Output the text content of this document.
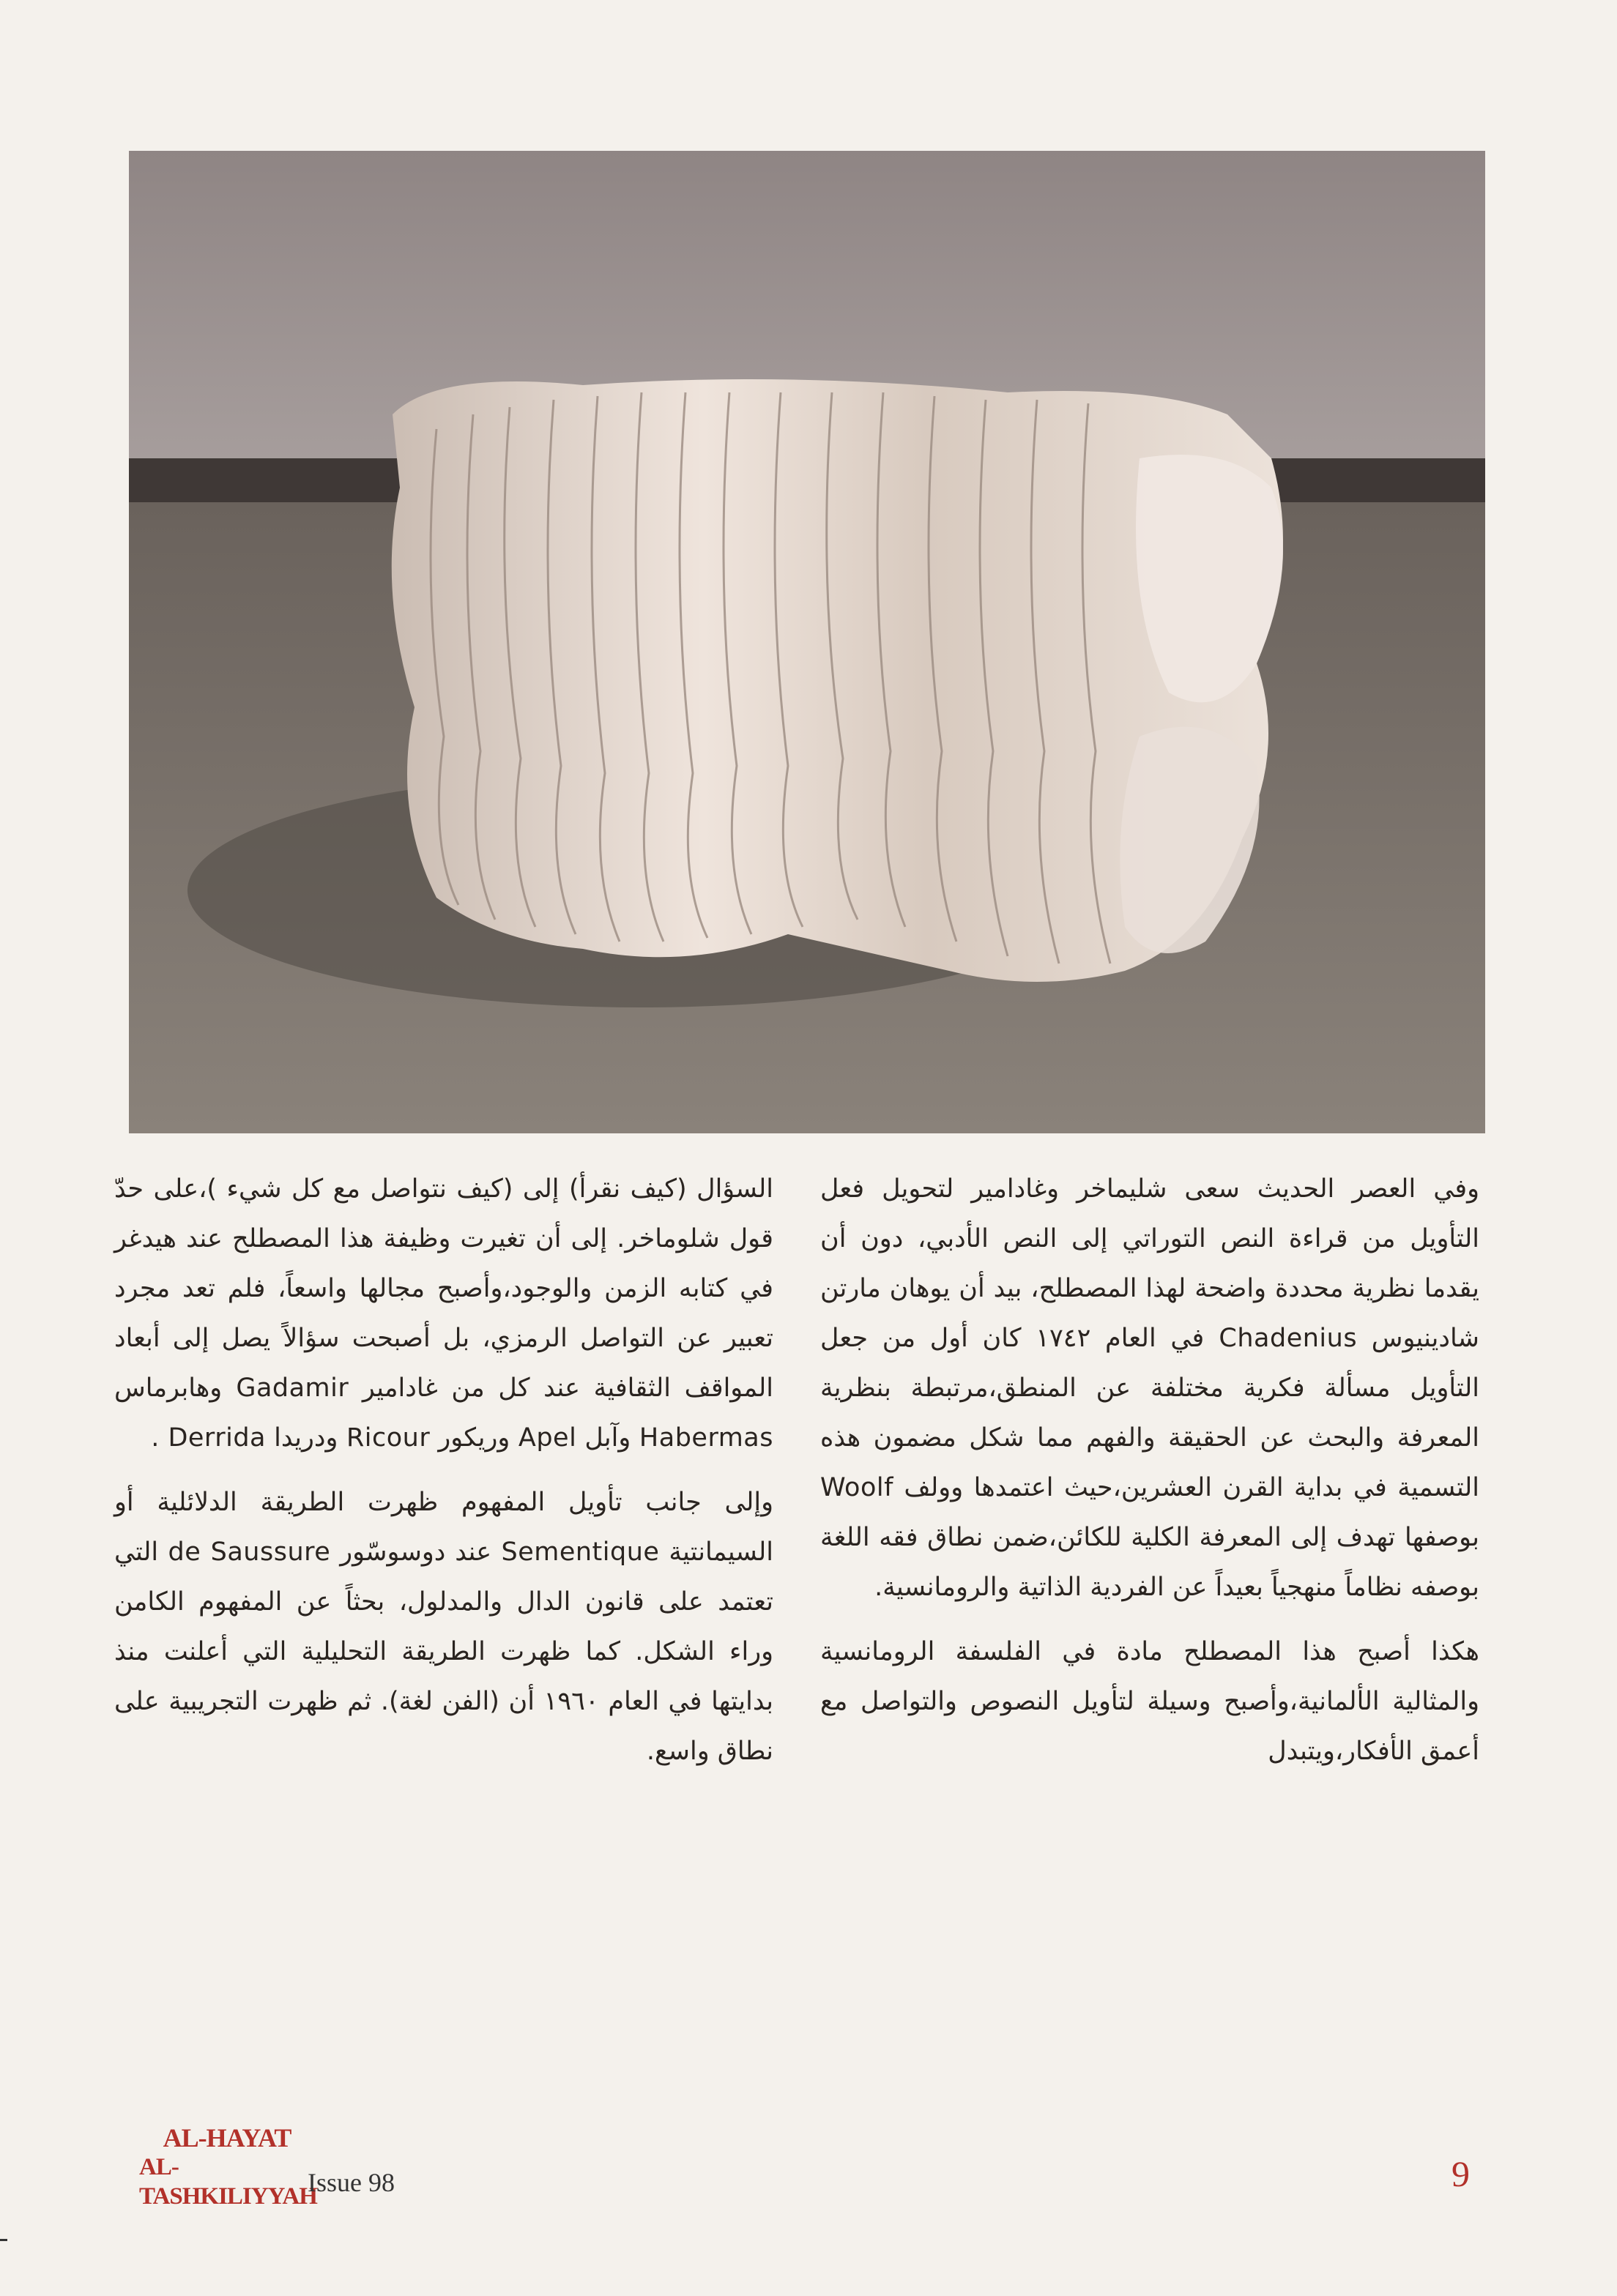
وفي العصر الحديث سعى شليماخر وغادامير لتحويل فعل التأويل من قراءة النص التوراتي إلى النص الأدبي، دون أن يقدما نظرية محددة واضحة لهذا المصطلح، بيد أن يوهان مارتن شادينيوس Chadenius في العام ١٧٤٢ كان أول من جعل التأويل مسألة فكرية مختلفة عن المنطق،مرتبطة بنظرية المعرفة والبحث عن الحقيقة والفهم مما شكل مضمون هذه التسمية في بداية القرن العشرين،حيث اعتمدها وولف Woolf بوصفها تهدف إلى المعرفة الكلية للكائن،ضمن نطاق فقه اللغة بوصفه نظاماً منهجياً بعيداً عن الفردية الذاتية والرومانسية.

هكذا أصبح هذا المصطلح مادة في الفلسفة الرومانسية والمثالية الألمانية،وأصبح وسيلة لتأويل النصوص والتواصل مع أعمق الأفكار،ويتبدل

السؤال (كيف نقرأ) إلى (كيف نتواصل مع كل شيء )،على حدّ قول شلوماخر. إلى أن تغيرت وظيفة هذا المصطلح عند هيدغر في كتابه الزمن والوجود،وأصبح مجالها واسعاً، فلم تعد مجرد تعبير عن التواصل الرمزي، بل أصبحت سؤالاً يصل إلى أبعاد المواقف الثقافية عند كل من غادامير Gadamir وهابرماس Habermas وآبل Apel وريكور Ricour ودريدا Derrida .

وإلى جانب تأويل المفهوم ظهرت الطريقة الدلائلية أو السيمانتية Sementique عند دوسوسّور de Saussure التي تعتمد على قانون الدال والمدلول، بحثاً عن المفهوم الكامن وراء الشكل. كما ظهرت الطريقة التحليلية التي أعلنت منذ بدايتها في العام ١٩٦٠ أن (الفن لغة). ثم ظهرت التجريبية على نطاق واسع.

AL-HAYAT
AL-TASHKILIYYAH
Issue 98	9
